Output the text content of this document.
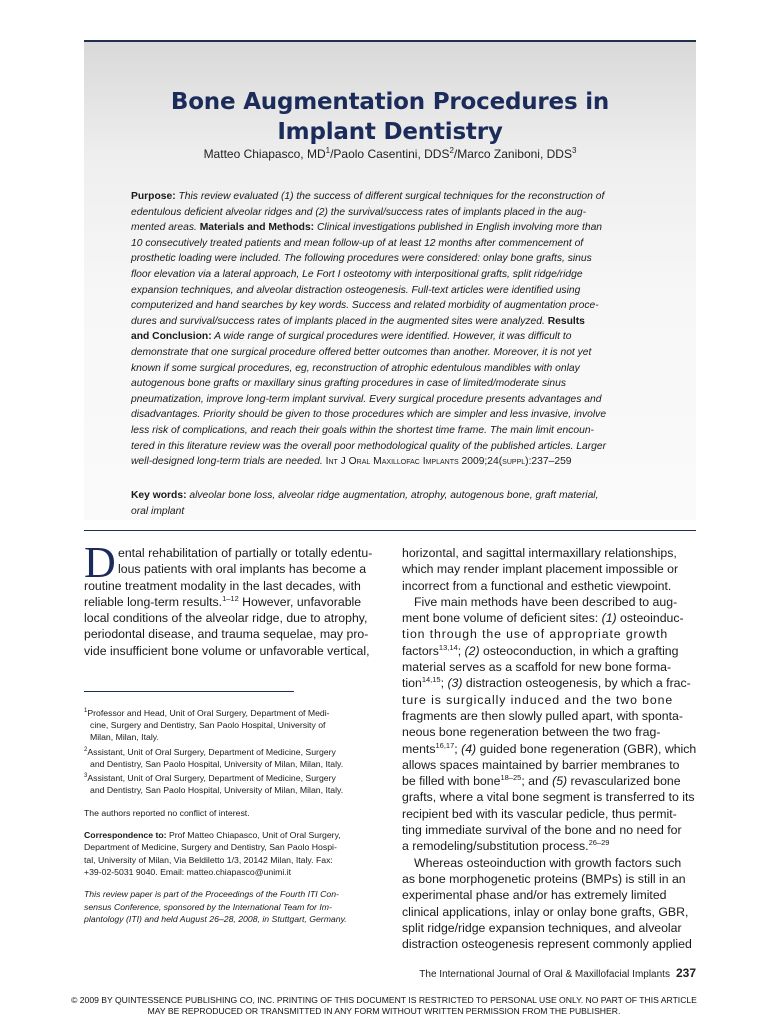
Bone Augmentation Procedures in
Implant Dentistry
Matteo Chiapasco, $MD^1$/Paolo Casentini, DDS$^2$/Marco Zaniboni, DDS$^3$

Purpose: This review evaluated (1) the success of different surgical techniques for the reconstruction of

edentulous deficient alveolar ridges and (2) the survival/success rates of implants placed in the aug-

mented areas. Materials and Methods: Clinical investigations published in English involving more than

10 consecutively treated patients and mean follow-up of at least 12 months after commencement of

prosthetic loading were included. The following procedures were considered: onlay bone grafts, sinus

floor elevation via a lateral approach, Le Fort I osteotomy with interpositional grafts, split ridge/ridge

expansion techniques, and alveolar distraction osteogenesis. Full-text articles were identified using

computerized and hand searches by key words. Success and related morbidity of augmentation proce-

dures and survival/success rates of implants placed in the augmented sites were analyzed. Results

and Conclusion: A wide range of surgical procedures were identified. However, it was difficult to

demonstrate that one surgical procedure offered better outcomes than another. Moreover, it is not yet

known if some surgical procedures, eg, reconstruction of atrophic edentulous mandibles with onlay

autogenous bone grafts or maxillary sinus grafting procedures in case of limited/moderate sinus

pneumatization, improve long-term implant survival. Every surgical procedure presents advantages and

disadvantages. Priority should be given to those procedures which are simpler and less invasive, involve

less risk of complications, and reach their goals within the shortest time frame. The main limit encoun-

tered in this literature review was the overall poor methodological quality of the published articles. Larger

well-designed long-term trials are needed. Int J Oral Maxillofac Implants 2009;24(suppl):237–259

Key words: alveolar bone loss, alveolar ridge augmentation, atrophy, autogenous bone, graft material,

oral implant

D ental rehabilitation of partially or totally edentu-

lous patients with oral implants has become a

routine treatment modality in the last decades, with

reliable long-term results.$^{1-12}$ However, unfavorable

local conditions of the alveolar ridge, due to atrophy,

periodontal disease, and trauma sequelae, may pro-

vide insufficient bone volume or unfavorable vertical,

$^1$Professor and Head, Unit of Oral Surgery, Department of Medi-

cine, Surgery and Dentistry, San Paolo Hospital, University of

Milan, Milan, Italy.

$^2$Assistant, Unit of Oral Surgery, Department of Medicine, Surgery

and Dentistry, San Paolo Hospital, University of Milan, Milan, Italy.

$^3$Assistant, Unit of Oral Surgery, Department of Medicine, Surgery

and Dentistry, San Paolo Hospital, University of Milan, Milan, Italy.

The authors reported no conflict of interest.

Correspondence to: Prof Matteo Chiapasco, Unit of Oral Surgery,

Department of Medicine, Surgery and Dentistry, San Paolo Hospi-

tal, University of Milan, Via Beldiletto 1/3, 20142 Milan, Italy. Fax:

+39-02-5031 9040. Email: matteo.chiapasco@unimi.it

This review paper is part of the Proceedings of the Fourth ITI Con-

sensus Conference, sponsored by the International Team for Im-

plantology (ITI) and held August 26–28, 2008, in Stuttgart, Germany.

horizontal, and sagittal intermaxillary relationships,

which may render implant placement impossible or

incorrect from a functional and esthetic viewpoint.

Five main methods have been described to aug-

ment bone volume of deficient sites: (1) osteoinduc-

tion through the use of appropriate growth

factors$^{13,14}$; (2) osteoconduction, in which a grafting

material serves as a scaffold for new bone forma-

tion$^{14,15}$; (3) distraction osteogenesis, by which a frac-

ture is surgically induced and the two bone

fragments are then slowly pulled apart, with sponta-

neous bone regeneration between the two frag-

ments$^{16,17}$; (4) guided bone regeneration (GBR), which

allows spaces maintained by barrier membranes to

be filled with bone$^{18-25}$; and (5) revascularized bone

grafts, where a vital bone segment is transferred to its

recipient bed with its vascular pedicle, thus permit-

ting immediate survival of the bone and no need for

a remodeling/substitution process.$^{26-29}$

Whereas osteoinduction with growth factors such

as bone morphogenetic proteins (BMPs) is still in an

experimental phase and/or has extremely limited

clinical applications, inlay or onlay bone grafts, GBR,

split ridge/ridge expansion techniques, and alveolar

distraction osteogenesis represent commonly applied

The International Journal of Oral & Maxillofacial Implants 237

© 2009 BY QUINTESSENCE PUBLISHING CO, INC. PRINTING OF THIS DOCUMENT IS RESTRICTED TO PERSONAL USE ONLY. NO PART OF THIS ARTICLE

MAY BE REPRODUCED OR TRANSMITTED IN ANY FORM WITHOUT WRITTEN PERMISSION FROM THE PUBLISHER.
